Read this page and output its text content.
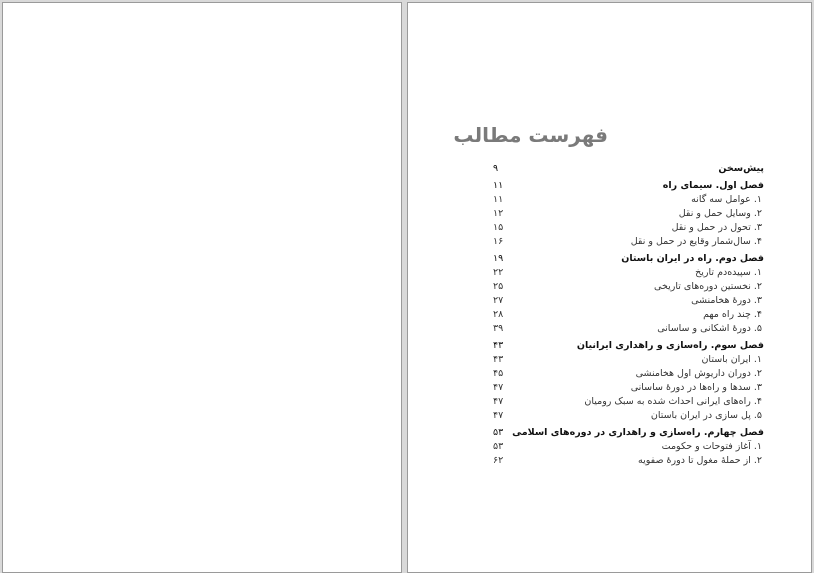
فهرست مطالب
۹	پیش‌سخن
۱۱	فصل اول. سیمای راه
۱۱	۱. عوامل سه گانه
۱۲	۲. وسایل حمل و نقل
۱۵	۳. تحول در حمل و نقل
۱۶	۴. سال‌شمار وقایع در حمل و نقل
۱۹	فصل دوم. راه در ایران باستان
۲۲	۱. سپیده‌دم تاریخ
۲۵	۲. نخستین دوره‌های تاریخی
۲۷	۳. دورهٔ هخامنشی
۲۸	۴. چند راه مهم
۳۹	۵. دورهٔ اشکانی و ساسانی
۴۳	فصل سوم. راه‌سازی و راهداری ایرانیان
۴۳	۱. ایران باستان
۴۵	۲. دوران داریوش اول هخامنشی
۴۷	۳. سدها و راه‌ها در دورهٔ ساسانی
۴۷	۴. راه‌های ایرانی احداث شده به سبک رومیان
۴۷	۵. پل سازی در ایران باستان
۵۳ فصل چهارم. راه‌سازی و راهداری در دوره‌های اسلامی
۵۳	۱. آغاز فتوحات و حکومت
۶۲	۲. از حملهٔ مغول تا دورهٔ صفویه
